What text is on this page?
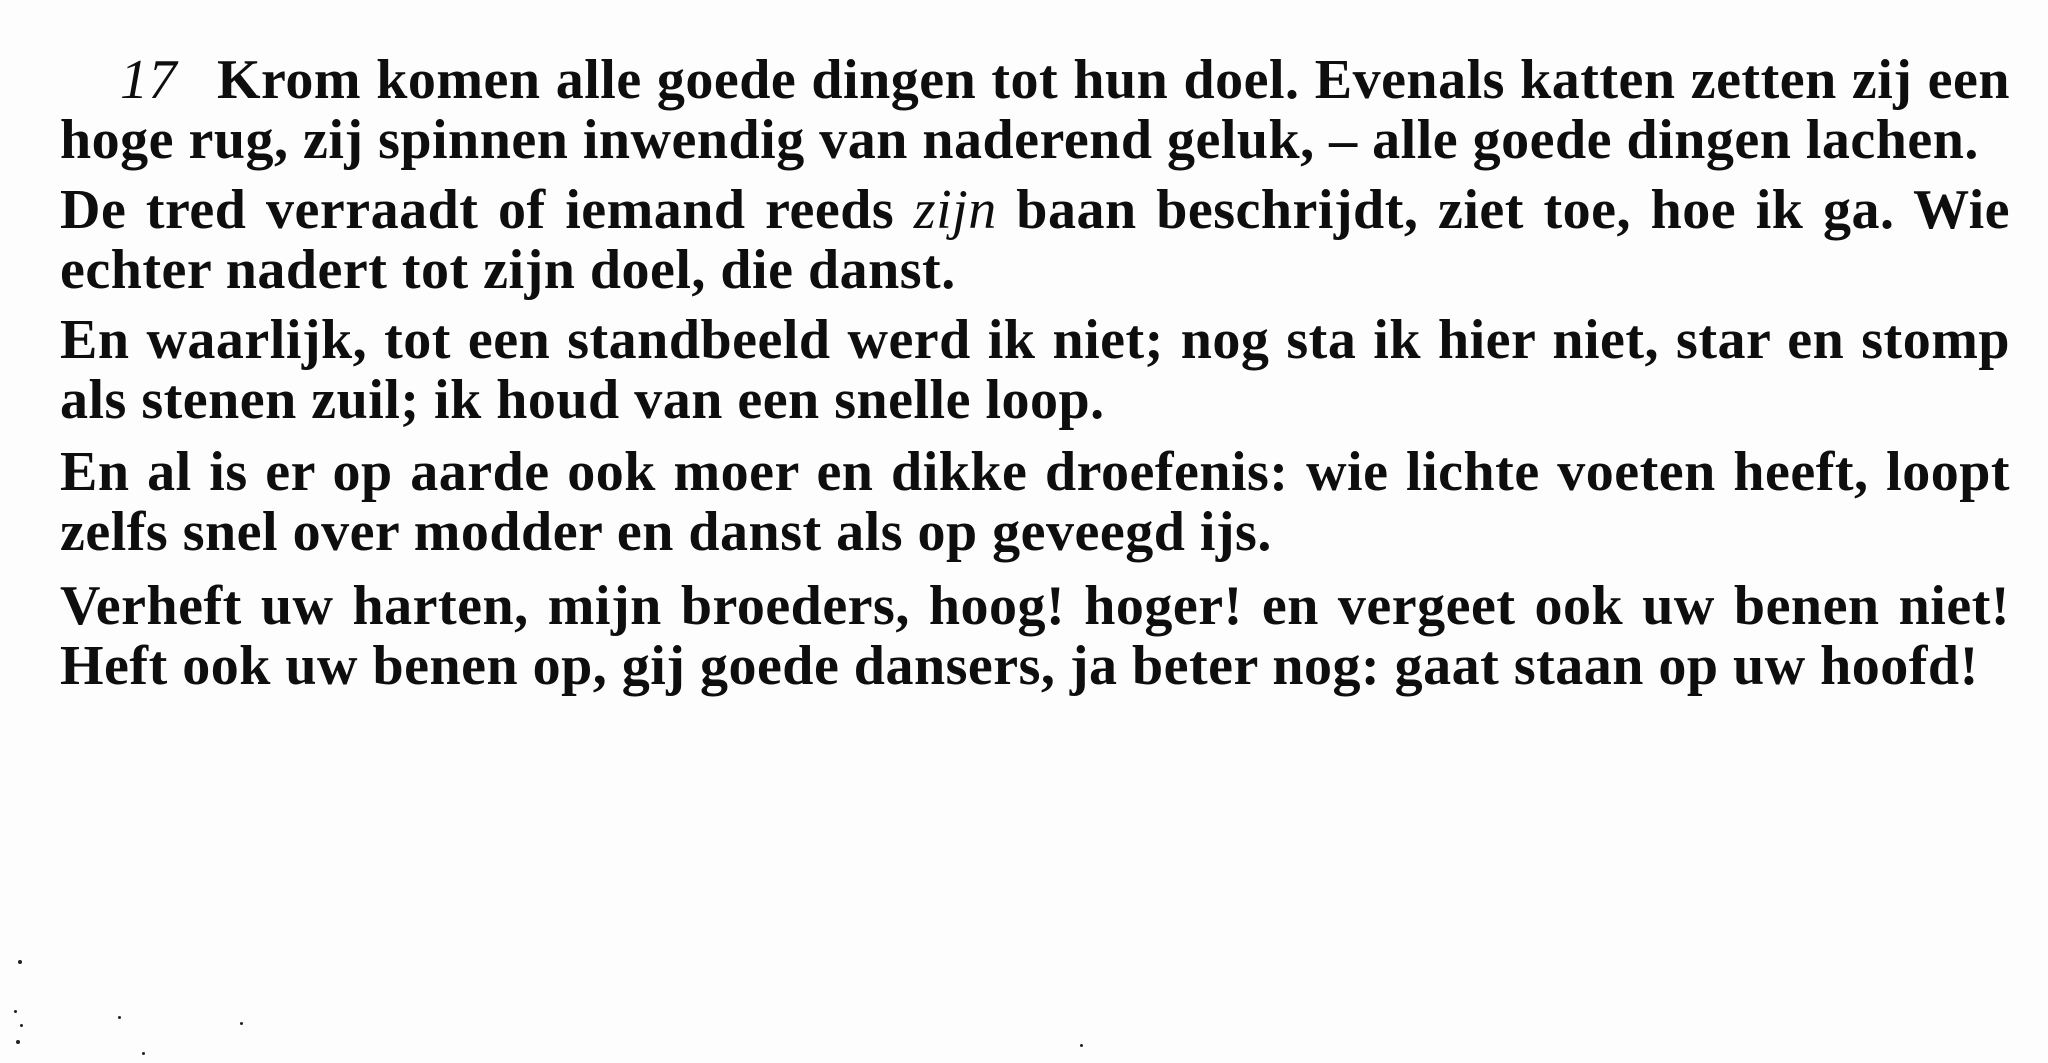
17 Krom komen alle goede dingen tot hun doel. Evenals katten zetten zij een hoge rug, zij spinnen inwendig van naderend geluk, – alle goede dingen lachen.

De tred verraadt of iemand reeds zijn baan beschrijdt, ziet toe, hoe ik ga. Wie echter nadert tot zijn doel, die danst.

En waarlijk, tot een standbeeld werd ik niet; nog sta ik hier niet, star en stomp als stenen zuil; ik houd van een snelle loop.

En al is er op aarde ook moer en dikke droefenis: wie lichte voeten heeft, loopt zelfs snel over modder en danst als op geveegd ijs.

Verheft uw harten, mijn broeders, hoog! hoger! en vergeet ook uw benen niet! Heft ook uw benen op, gij goede dansers, ja beter nog: gaat staan op uw hoofd!
